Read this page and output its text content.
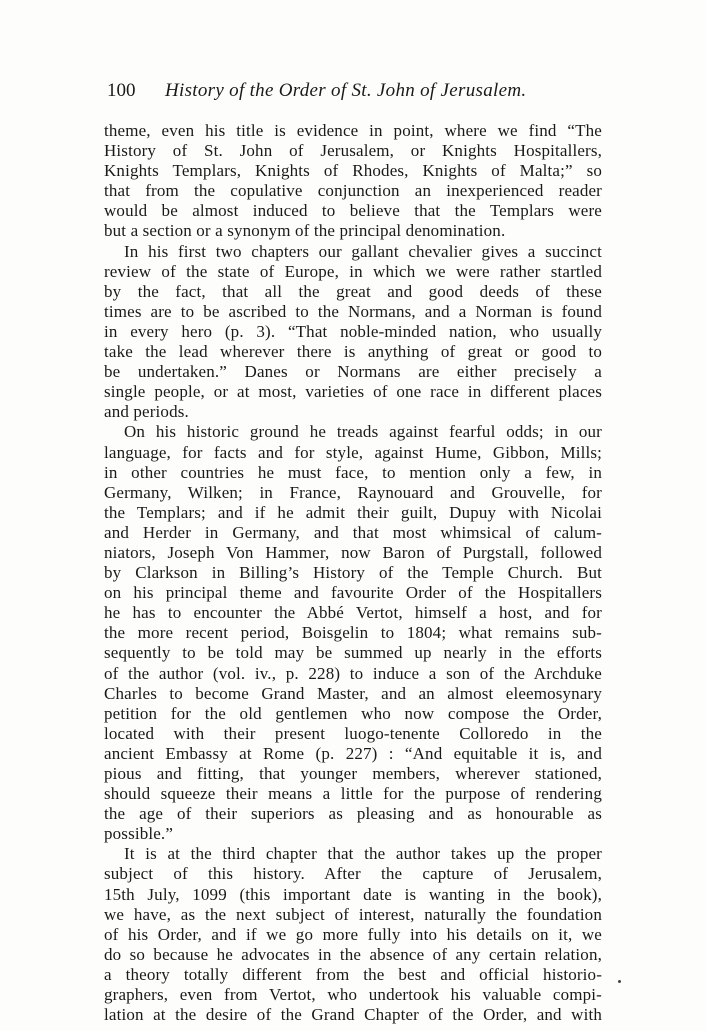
100 History of the Order of St. John of Jerusalem.
theme, even his title is evidence in point, where we find “The
History of St. John of Jerusalem, or Knights Hospitallers,
Knights Templars, Knights of Rhodes, Knights of Malta;” so
that from the copulative conjunction an inexperienced reader
would be almost induced to believe that the Templars were
but a section or a synonym of the principal denomination.
In his first two chapters our gallant chevalier gives a succinct
review of the state of Europe, in which we were rather startled
by the fact, that all the great and good deeds of these
times are to be ascribed to the Normans, and a Norman is found
in every hero (p. 3). “That noble-minded nation, who usually
take the lead wherever there is anything of great or good to
be undertaken.” Danes or Normans are either precisely a
single people, or at most, varieties of one race in different places
and periods.
On his historic ground he treads against fearful odds; in our
language, for facts and for style, against Hume, Gibbon, Mills;
in other countries he must face, to mention only a few, in
Germany, Wilken; in France, Raynouard and Grouvelle, for
the Templars; and if he admit their guilt, Dupuy with Nicolai
and Herder in Germany, and that most whimsical of calum-
niators, Joseph Von Hammer, now Baron of Purgstall, followed
by Clarkson in Billing’s History of the Temple Church. But
on his principal theme and favourite Order of the Hospitallers
he has to encounter the Abbé Vertot, himself a host, and for
the more recent period, Boisgelin to 1804; what remains sub-
sequently to be told may be summed up nearly in the efforts
of the author (vol. iv., p. 228) to induce a son of the Archduke
Charles to become Grand Master, and an almost eleemosynary
petition for the old gentlemen who now compose the Order,
located with their present luogo-tenente Colloredo in the
ancient Embassy at Rome (p. 227) : “And equitable it is, and
pious and fitting, that younger members, wherever stationed,
should squeeze their means a little for the purpose of rendering
the age of their superiors as pleasing and as honourable as
possible.”
It is at the third chapter that the author takes up the proper
subject of this history. After the capture of Jerusalem,
15th July, 1099 (this important date is wanting in the book),
we have, as the next subject of interest, naturally the foundation
of his Order, and if we go more fully into his details on it, we
do so because he advocates in the absence of any certain relation,
a theory totally different from the best and official historio-
graphers, even from Vertot, who undertook his valuable compi-
lation at the desire of the Grand Chapter of the Order, and with
